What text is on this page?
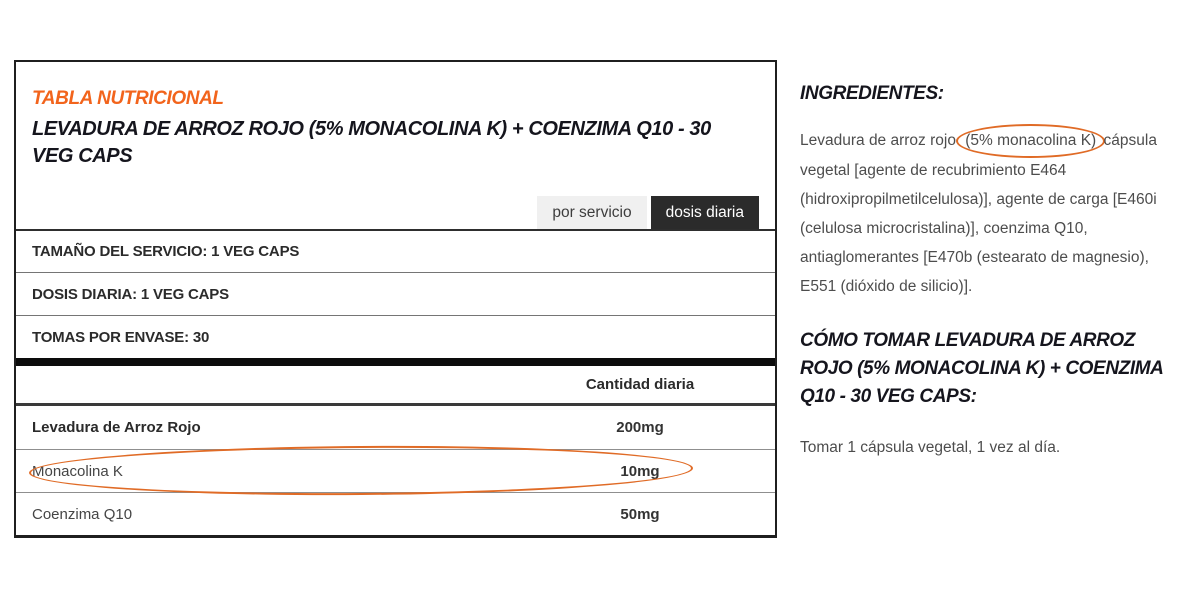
TABLA NUTRICIONAL
LEVADURA DE ARROZ ROJO (5% MONACOLINA K) + COENZIMA Q10 - 30 VEG CAPS
por servicio	dosis diaria
TAMAÑO DEL SERVICIO: 1 VEG CAPS
DOSIS DIARIA: 1 VEG CAPS
TOMAS POR ENVASE: 30
Cantidad diaria
Levadura de Arroz Rojo	200mg
Monacolina K	10mg
Coenzima Q10	50mg
INGREDIENTES:

Levadura de arroz rojo (5% monacolina K) cápsula vegetal [agente de recubrimiento E464 (hidroxipropilmetilcelulosa)], agente de carga [E460i (celulosa microcristalina)], coenzima Q10, antiaglomerantes [E470b (estearato de magnesio), E551 (dióxido de silicio)].

CÓMO TOMAR LEVADURA DE ARROZ ROJO (5% MONACOLINA K) + COENZIMA Q10 - 30 VEG CAPS:

Tomar 1 cápsula vegetal, 1 vez al día.
